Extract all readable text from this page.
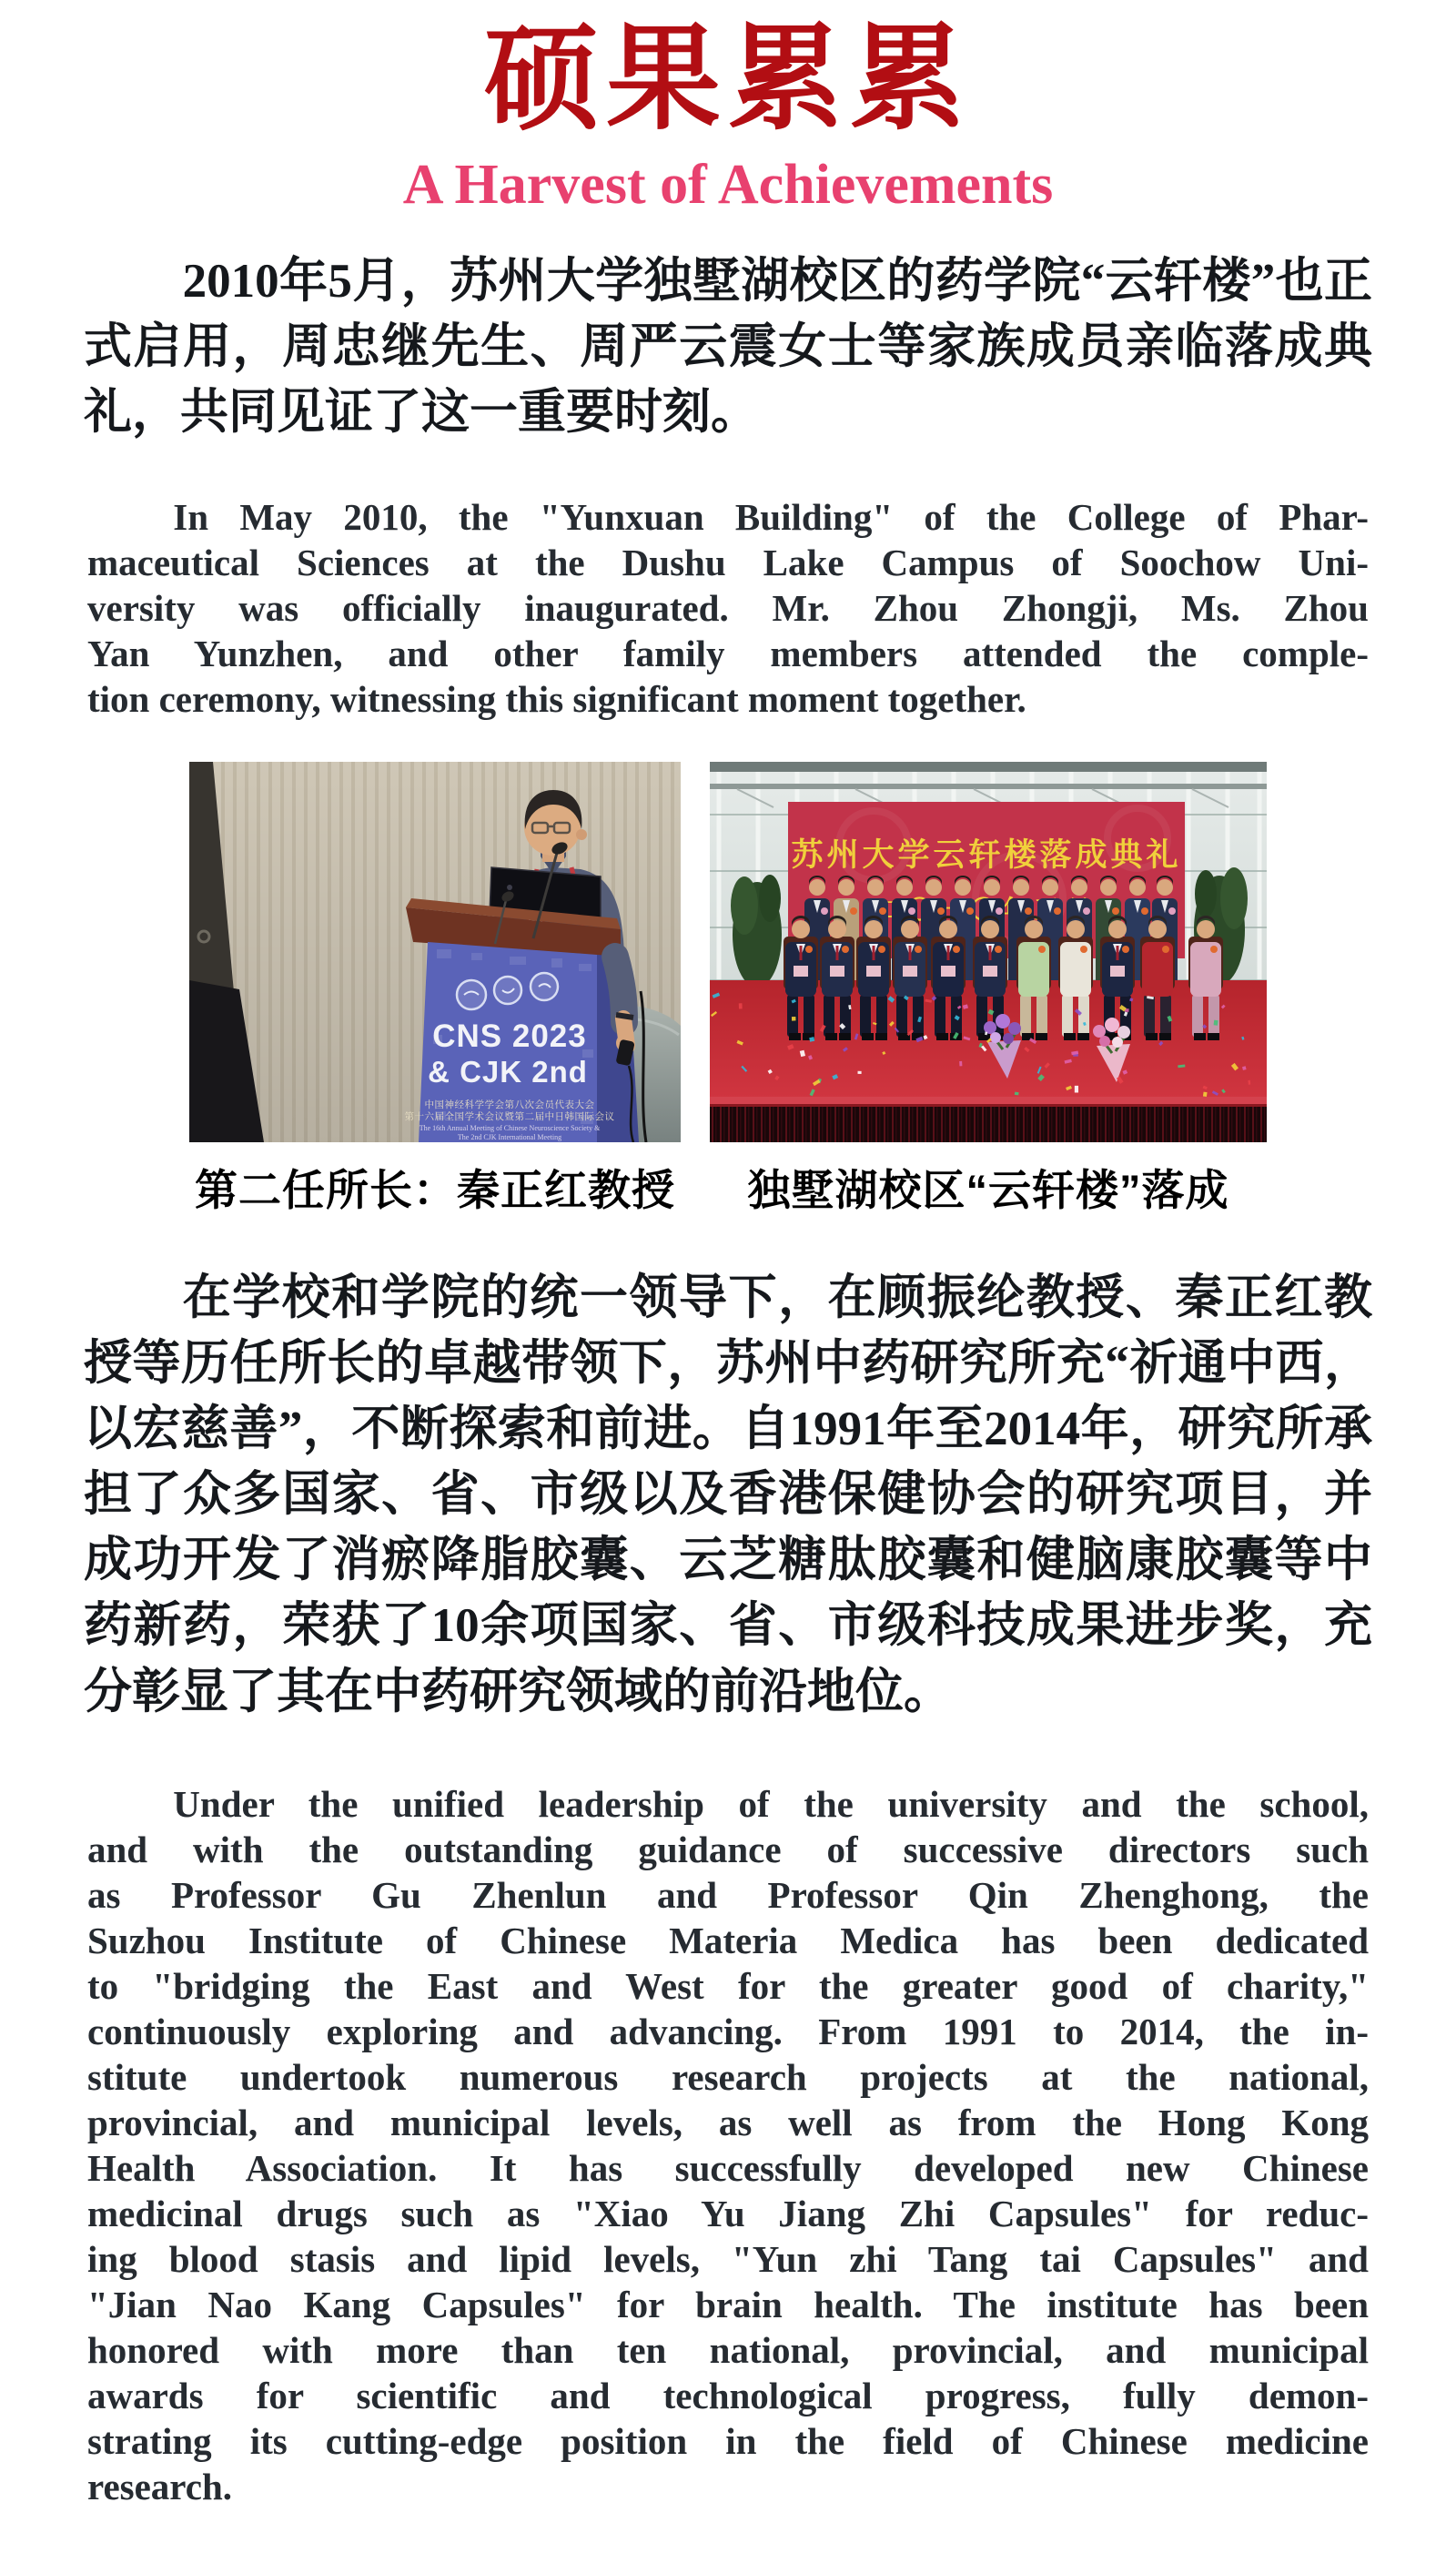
硕果累累
A Harvest of Achievements

2010年5月，苏州大学独墅湖校区的药学院“云轩楼”也正式启用，周忠继先生、周严云震女士等家族成员亲临落成典礼，共同见证了这一重要时刻。

In May 2010, the "Yunxuan Building" of the College of Phar-
maceutical Sciences at the Dushu Lake Campus of Soochow Uni-
versity was officially inaugurated. Mr. Zhou Zhongji, Ms. Zhou
Yan Yunzhen, and other family members attended the comple-
tion ceremony, witnessing this significant moment together.
CNS 2023
& CJK 2nd
中国神经科学学会第八次会员代表大会
第十六届全国学术会议暨第二届中日韩国际会议
The 16th Annual Meeting of Chinese Neuroscience Society &
The 2nd CJK International Meeting
第二任所长：秦正红教授
苏州大学云轩楼落成典礼
独墅湖校区“云轩楼”落成

在学校和学院的统一领导下，在顾振纶教授、秦正红教授等历任所长的卓越带领下，苏州中药研究所充“祈通中西，以宏慈善”，不断探索和前进。自1991年至2014年，研究所承担了众多国家、省、市级以及香港保健协会的研究项目，并成功开发了消瘀降脂胶囊、云芝糖肽胶囊和健脑康胶囊等中药新药，荣获了10余项国家、省、市级科技成果进步奖，充分彰显了其在中药研究领域的前沿地位。

Under the unified leadership of the university and the school,
and with the outstanding guidance of successive directors such
as Professor Gu Zhenlun and Professor Qin Zhenghong, the
Suzhou Institute of Chinese Materia Medica has been dedicated
to "bridging the East and West for the greater good of charity,"
continuously exploring and advancing. From 1991 to 2014, the in-
stitute undertook numerous research projects at the national,
provincial, and municipal levels, as well as from the Hong Kong
Health Association. It has successfully developed new Chinese
medicinal drugs such as "Xiao Yu Jiang Zhi Capsules" for reduc-
ing blood stasis and lipid levels, "Yun zhi Tang tai Capsules" and
"Jian Nao Kang Capsules" for brain health. The institute has been
honored with more than ten national, provincial, and municipal
awards for scientific and technological progress, fully demon-
strating its cutting-edge position in the field of Chinese medicine
research.
